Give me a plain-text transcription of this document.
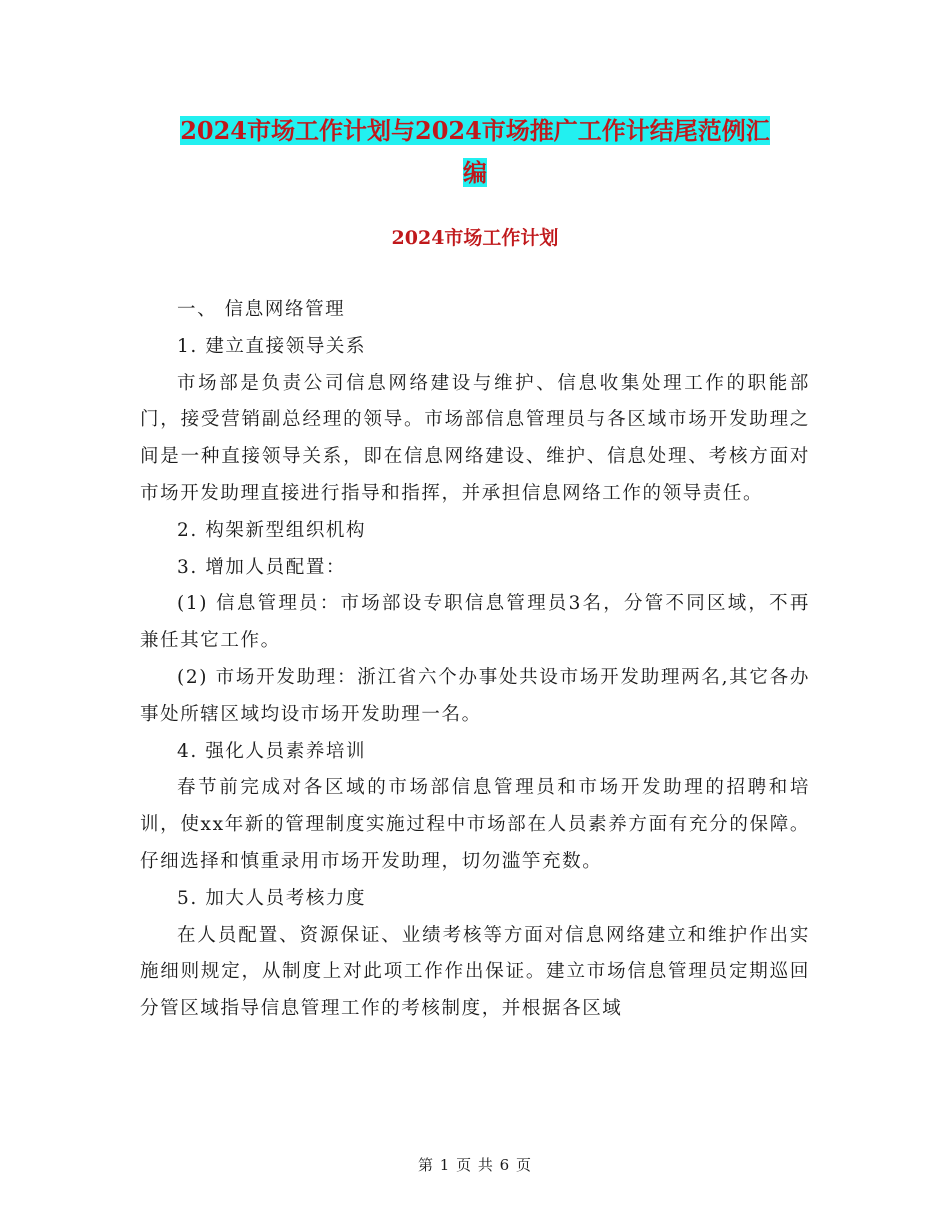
2024市场工作计划与2024市场推广工作计结尾范例汇
编
2024市场工作计划

一、 信息网络管理

1. 建立直接领导关系

市场部是负责公司信息网络建设与维护、信息收集处理工作的职能部门，接受营销副总经理的领导。市场部信息管理员与各区域市场开发助理之间是一种直接领导关系，即在信息网络建设、维护、信息处理、考核方面对市场开发助理直接进行指导和指挥，并承担信息网络工作的领导责任。

2. 构架新型组织机构

3. 增加人员配置：

(1) 信息管理员：市场部设专职信息管理员3名，分管不同区域，不再兼任其它工作。

(2) 市场开发助理：浙江省六个办事处共设市场开发助理两名,其它各办事处所辖区域均设市场开发助理一名。

4. 强化人员素养培训

春节前完成对各区域的市场部信息管理员和市场开发助理的招聘和培训，使xx年新的管理制度实施过程中市场部在人员素养方面有充分的保障。仔细选择和慎重录用市场开发助理，切勿滥竽充数。

5. 加大人员考核力度

在人员配置、资源保证、业绩考核等方面对信息网络建立和维护作出实施细则规定，从制度上对此项工作作出保证。建立市场信息管理员定期巡回分管区域指导信息管理工作的考核制度，并根据各区域

第 1 页 共 6 页
